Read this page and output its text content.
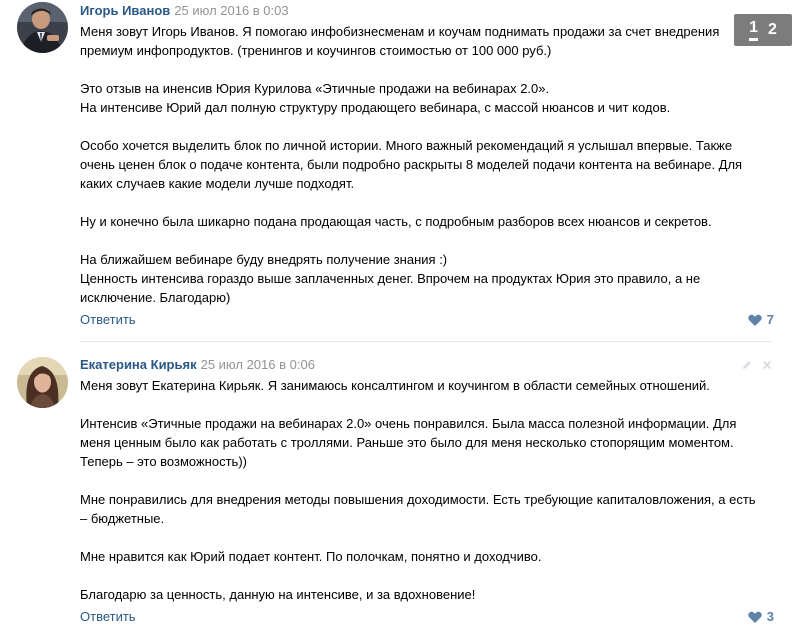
1 2
Игорь Иванов 25 июл 2016 в 0:03

Меня зовут Игорь Иванов. Я помогаю инфобизнесменам и коучам поднимать продажи за счет внедрения
премиум инфопродуктов. (тренингов и коучингов стоимостью от 100 000 руб.)

Это отзыв на иненсив Юрия Курилова «Этичные продажи на вебинарах 2.0».
На интенсиве Юрий дал полную структуру продающего вебинара, с массой нюансов и чит кодов.

Особо хочется выделить блок по личной истории. Много важный рекомендаций я услышал впервые. Также
очень ценен блок о подаче контента, были подробно раскрыты 8 моделей подачи контента на вебинаре. Для
каких случаев какие модели лучше подходят.

Ну и конечно была шикарно подана продающая часть, с подробным разборов всех нюансов и секретов.

На ближайшем вебинаре буду внедрять получение знания :)
Ценность интенсива гораздо выше заплаченных денег. Впрочем на продуктах Юрия это правило, а не
исключение. Благодарю)

Ответить	7
Екатерина Кирьяк 25 июл 2016 в 0:06

Меня зовут Екатерина Кирьяк. Я занимаюсь консалтингом и коучингом в области семейных отношений.

Интенсив «Этичные продажи на вебинарах 2.0» очень понравился. Была масса полезной информации. Для
меня ценным было как работать с троллями. Раньше это было для меня несколько стопорящим моментом.
Теперь – это возможность))

Мне понравились для внедрения методы повышения доходимости. Есть требующие капиталовложения, а есть
– бюджетные.

Мне нравится как Юрий подает контент. По полочкам, понятно и доходчиво.

Благодарю за ценность, данную на интенсиве, и за вдохновение!

Ответить	3
